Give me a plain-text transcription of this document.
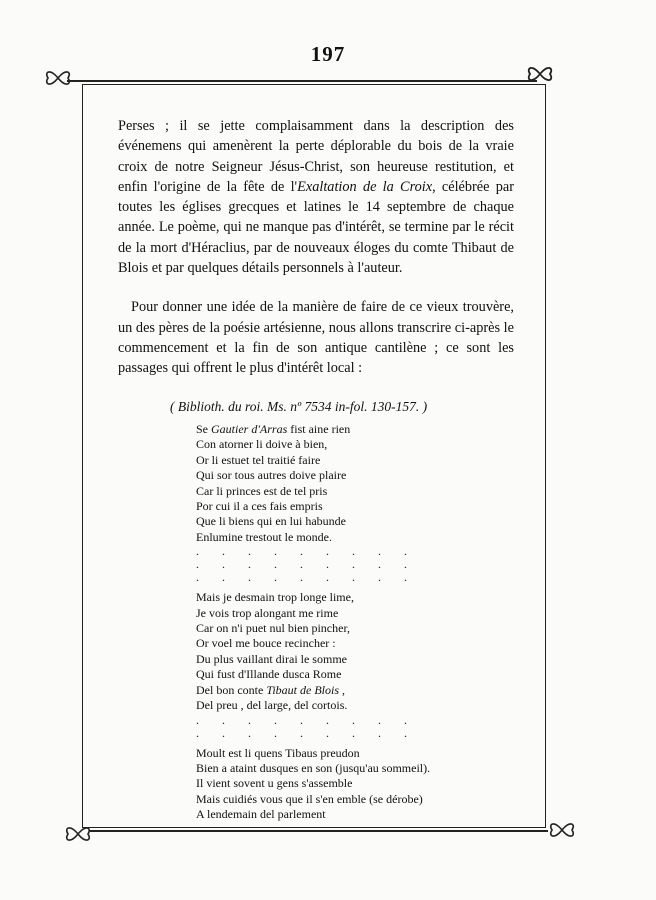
197

Perses ; il se jette complaisamment dans la description des événemens qui amenèrent la perte déplorable du bois de la vraie croix de notre Seigneur Jésus-Christ, son heureuse restitution, et enfin l'origine de la fête de l'Exaltation de la Croix, célébrée par toutes les églises grecques et latines le 14 septembre de chaque année. Le poème, qui ne manque pas d'intérêt, se termine par le récit de la mort d'Héraclius, par de nouveaux éloges du comte Thibaut de Blois et par quelques détails personnels à l'auteur.

Pour donner une idée de la manière de faire de ce vieux trouvère, un des pères de la poésie artésienne, nous allons transcrire ci-après le commencement et la fin de son antique cantilène ; ce sont les passages qui offrent le plus d'intérêt local :

( Biblioth. du roi. Ms. nº 7534 in-fol. 130-157. )
Se Gautier d'Arras fist aine rien
Con atorner li doive à bien,
Or li estuet tel traitié faire
Qui sor tous autres doive plaire
Car li princes est de tel pris
Por cui il a ces fais empris
Que li biens qui en lui habunde
Enlumine trestout le monde.
. . . . . . . . .
. . . . . . . . .
. . . . . . . . .
Mais je desmain trop longe lime,
Je vois trop alongant me rime
Car on n'i puet nul bien pincher,
Or voel me bouce recincher :
Du plus vaillant dirai le somme
Qui fust d'Illande dusca Rome
Del bon conte Tibaut de Blois ,
Del preu , del large, del cortois.
. . . . . . . . .
. . . . . . . . .
Moult est li quens Tibaus preudon
Bien a ataint dusques en son (jusqu'au sommeil).
Il vient sovent u gens s'assemble
Mais cuidiés vous que il s'en emble (se dérobe)
A lendemain del parlement
